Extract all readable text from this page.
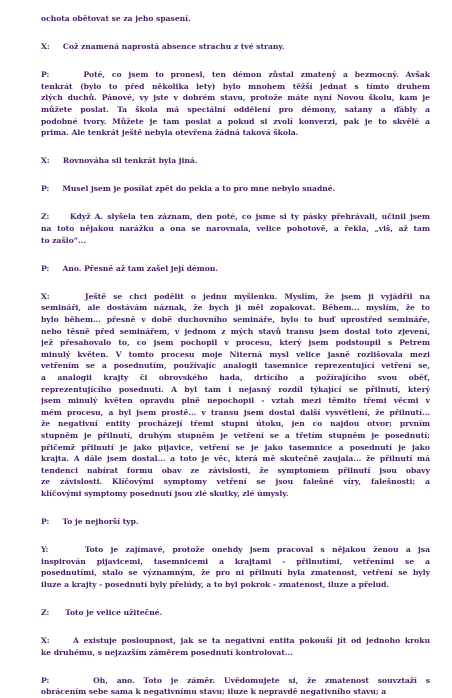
ochota obětovat se za jeho spasení.
X:     Což znamená naprostá absence strachu z tvé strany.
P:     Poté, co jsem to pronesl, ten démon zůstal zmatený a bezmocný. Avšak
tenkrát (bylo to před několika lety) bylo mnohem těžší jednat s tímto druhem
zlých duchů. Pánové, vy jste v dobrém stavu, protože máte nyní Novou školu, kam je
můžete poslat. Ta škola má speciální oddělení pro démony, satany a ďábly a
podobné tvory. Můžete je tam poslat a pokud si zvolí konverzi, pak je to skvělé a
prima. Ale tenkrát ještě nebyla otevřena žádná taková škola.
X:     Rovnováha sil tenkrát byla jiná.
P:     Musel jsem je posílat zpět do pekla a to pro mne nebylo snadné.
Z:     Když A. slyšela ten záznam, den poté, co jsme si ty pásky přehrávali, učinil jsem
na toto nějakou narážku a ona se narovnala, velice pohotově, a řekla, „viš, až tam
to zašlo“...
P:     Ano. Přesně až tam zašel její démon.
X:     Ještě se chci podělit o jednu myšlenku. Myslím, že jsem ji vyjádřil na
semináři, ale dostávám náznak, že bych ji měl zopakovat. Během... myslím, že to
bylo během... přesně v době duchovního semináře, bylo to buď uprostřed semináře,
nebo těsně před seminářem, v jednom z mých stavů transu jsem dostal toto zjevení,
jež přesahovalo to, co jsem pochopil v procesu, který jsem podstoupil s Petrem
minulý květen. V tomto procesu moje Niterná mysl velice jasně rozlišovala mezi
vetřením se a posednutím, používajíc analogii tasemnice reprezentující vetření se,
a analogii krajty či obrovského hada, drtícího a požírajícího svou oběť,
reprezentujícího posednutí. A byl tam i nejasný rozdíl týkající se přilnutí, který
jsem minulý květen opravdu plně nepochopil - vztah mezi těmito třemi věcmi v
mém procesu, a byl jsem prostě... v transu jsem dostal další vysvětlení, že přilnutí...
že negativní entity procházejí třemi stupni útoku, jen co najdou otvor; prvním
stupněm je přilnutí, druhým stupněm je vetření se a třetím stupněm je posednutí;
přičemž přilnutí je jako pijavice, vetření se je jako tasemnice a posednutí je jako
krajta. A dále jsem dostal... a toto je věc, která mě skutečně zaujala... že přilnutí má
tendenci nabírat formu obav ze závislosti, že symptomem přilnutí jsou obavy
ze závislosti. Klíčovými symptomy vetření se jsou falešné víry, falešnosti; a
klíčovými symptomy posednutí jsou zlé skutky, zlé úmysly.
P:     To je nejhorší typ.
Y:     Toto je zajímavé, protože onehdy jsem pracoval s nějakou ženou a jsa
inspirován pijavicemi, tasemnicemi a krajtami - přilnutími, vetřeními se a
posednutími, stalo se významným, že pro ni přilnutí byla zmatenost, vetření se byly
iluze a krajty - posednutí byly přelúdy, a to byl pokrok - zmatenost, iluze a přelud.
Z:      Toto je velice užitečné.
X:     A existuje posloupnost, jak se ta negativní entita pokouší jít od jednoho kroku
ke druhému, s nejzazším záměrem posednutí kontrolovat...
P:     Oh, ano. Toto je záměr. Uvědomujete si, že zmatenost souvztaží s
obrácením sebe sama k negativnímu stavu; iluze k nepravdě negativního stavu; a
